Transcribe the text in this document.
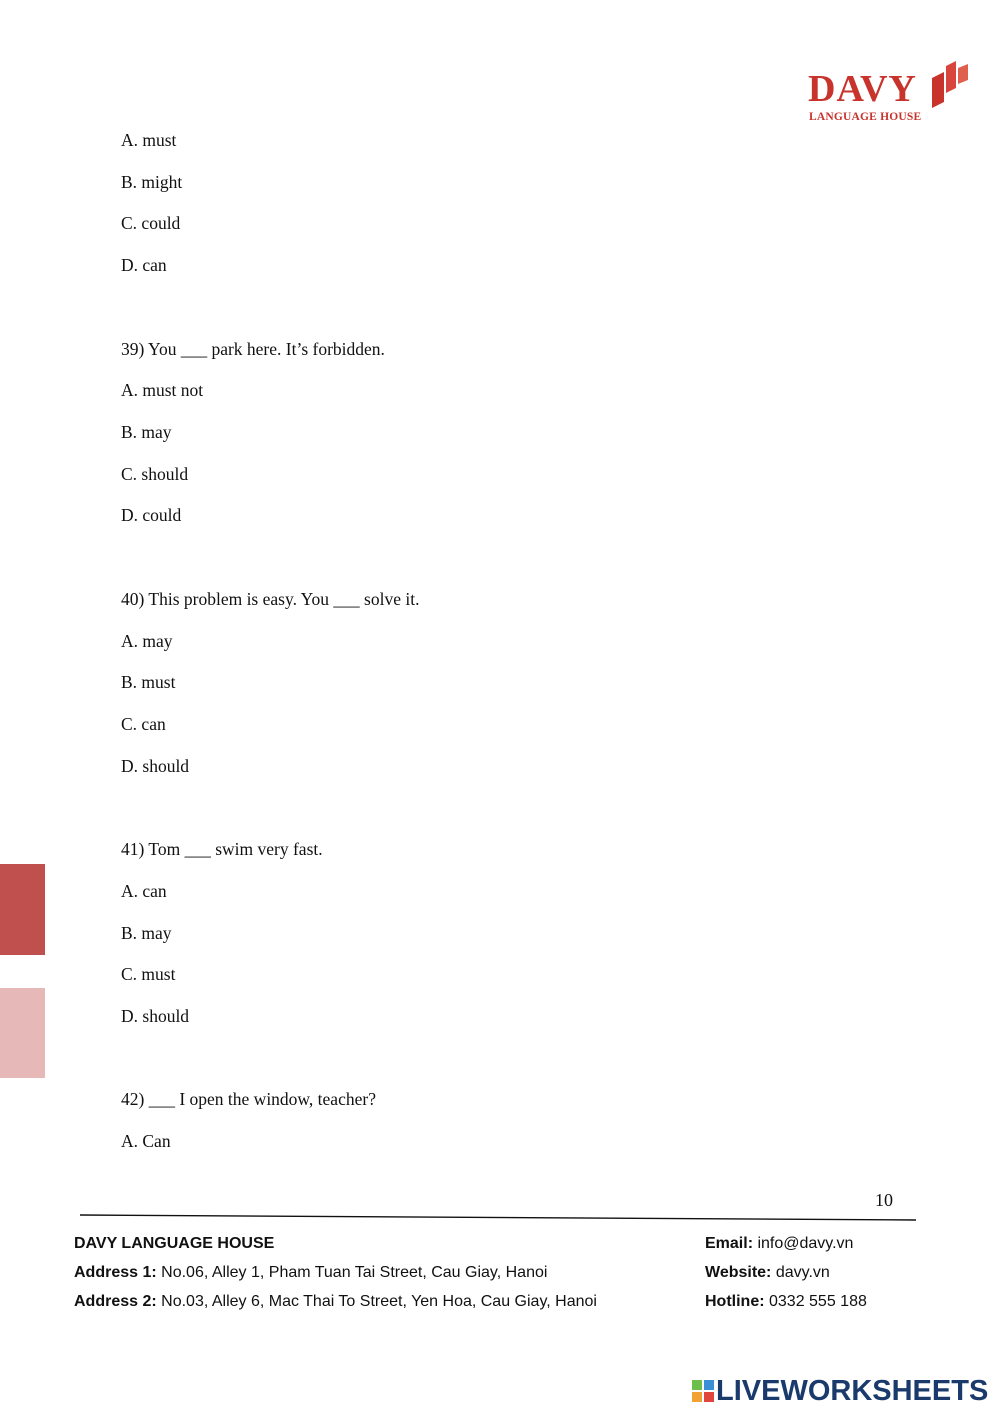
DAVY
LANGUAGE HOUSE
A. must
B. might
C. could
D. can
39) You ___ park here. It’s forbidden.
A. must not
B. may
C. should
D. could
40) This problem is easy. You ___ solve it.
A. may
B. must
C. can
D. should
41) Tom ___ swim very fast.
A. can
B. may
C. must
D. should
42) ___ I open the window, teacher?
A. Can
10
DAVY LANGUAGE HOUSE
Address 1: No.06, Alley 1, Pham Tuan Tai Street, Cau Giay, Hanoi
Address 2: No.03, Alley 6, Mac Thai To Street, Yen Hoa, Cau Giay, Hanoi
Email: info@davy.vn
Website: davy.vn
Hotline: 0332 555 188
LIVEWORKSHEETS
